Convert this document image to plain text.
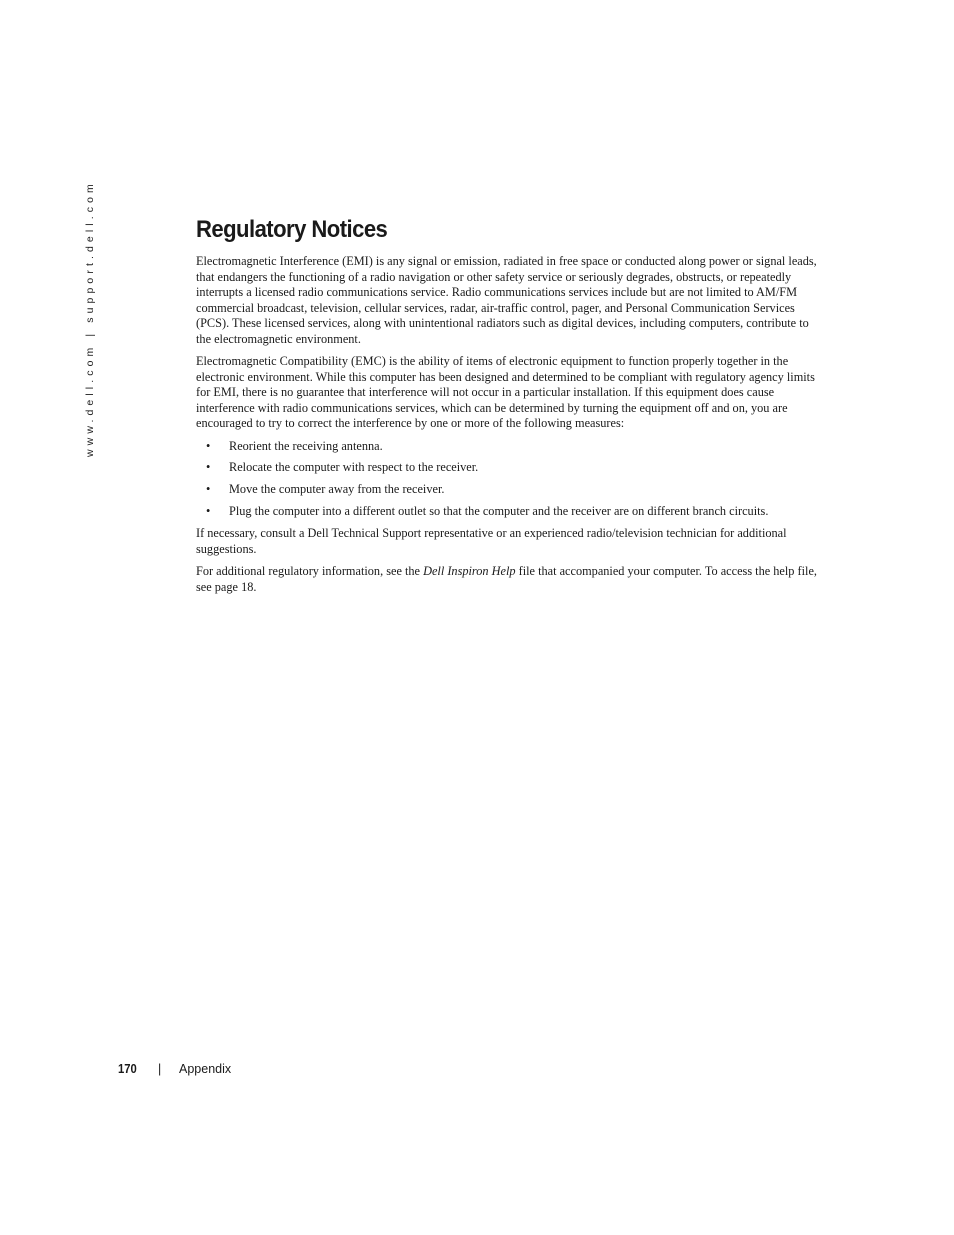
www.dell.com | support.dell.com	Regulatory Notices

Electromagnetic Interference (EMI) is any signal or emission, radiated in free space or conducted along power or signal leads, that endangers the functioning of a radio navigation or other safety service or seriously degrades, obstructs, or repeatedly interrupts a licensed radio communications service. Radio communications services include but are not limited to AM/FM commercial broadcast, television, cellular services, radar, air-traffic control, pager, and Personal Communication Services (PCS). These licensed services, along with unintentional radiators such as digital devices, including computers, contribute to the electromagnetic environment.

Electromagnetic Compatibility (EMC) is the ability of items of electronic equipment to function properly together in the electronic environment. While this computer has been designed and determined to be compliant with regulatory agency limits for EMI, there is no guarantee that interference will not occur in a particular installation. If this equipment does cause interference with radio communications services, which can be determined by turning the equipment off and on, you are encouraged to try to correct the interference by one or more of the following measures:

• Reorient the receiving antenna.
• Relocate the computer with respect to the receiver.
• Move the computer away from the receiver.
• Plug the computer into a different outlet so that the computer and the receiver are on different branch circuits.

If necessary, consult a Dell Technical Support representative or an experienced radio/television technician for additional suggestions.

For additional regulatory information, see the Dell Inspiron Help file that accompanied your computer. To access the help file, see page 18.

170 | Appendix
